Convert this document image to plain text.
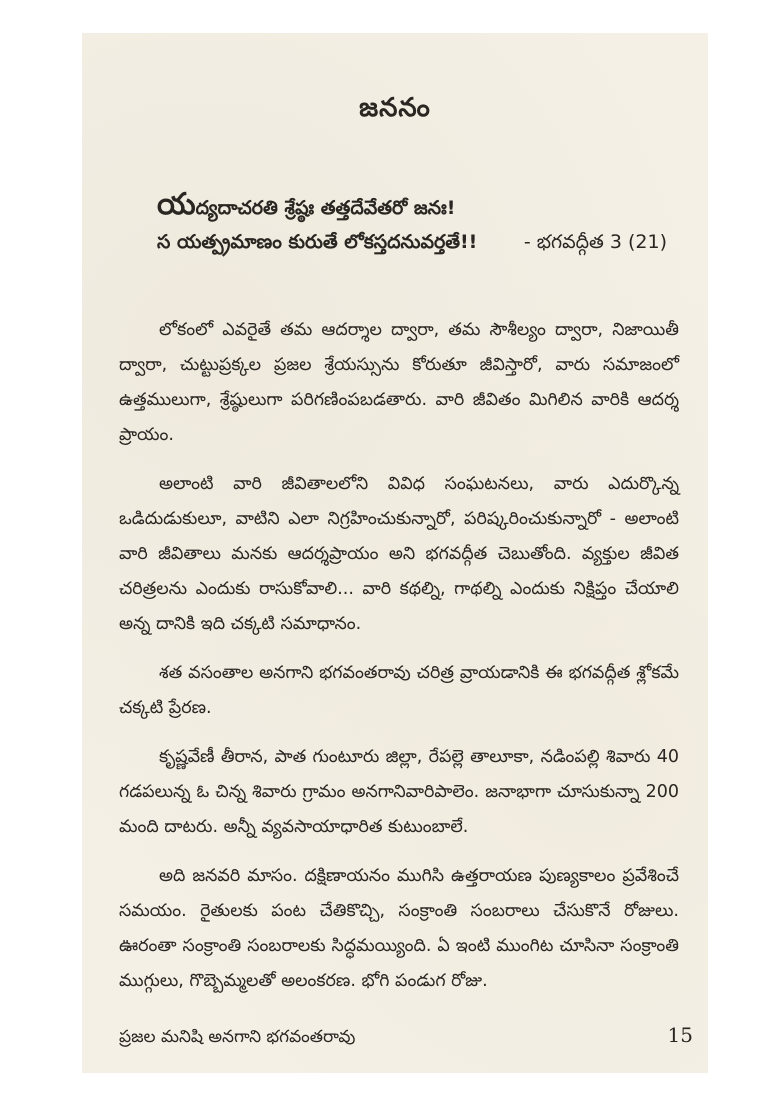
జననం
యద్యదాచరతి శ్రేష్ఠః తత్తదేవేతరో జనః!
స యత్ప్రమాణం కురుతే లోకస్తదనువర్తతే!! - భగవద్గీత 3 (21)

లోకంలో ఎవరైతే తమ ఆదర్శాల ద్వారా, తమ సౌశీల్యం ద్వారా, నిజాయితీ ద్వారా, చుట్టుప్రక్కల ప్రజల శ్రేయస్సును కోరుతూ జీవిస్తారో, వారు సమాజంలో ఉత్తములుగా, శ్రేష్ఠులుగా పరిగణింపబడతారు. వారి జీవితం మిగిలిన వారికి ఆదర్శ ప్రాయం.

అలాంటి వారి జీవితాలలోని వివిధ సంఘటనలు, వారు ఎదుర్కొన్న ఒడిదుడుకులూ, వాటిని ఎలా నిగ్రహించుకున్నారో, పరిష్కరించుకున్నారో - అలాంటి వారి జీవితాలు మనకు ఆదర్శప్రాయం అని భగవద్గీత చెబుతోంది. వ్యక్తుల జీవిత చరిత్రలను ఎందుకు రాసుకోవాలి... వారి కథల్ని, గాథల్ని ఎందుకు నిక్షిప్తం చేయాలి అన్న దానికి ఇది చక్కటి సమాధానం.

శత వసంతాల అనగాని భగవంతరావు చరిత్ర వ్రాయడానికి ఈ భగవద్గీత శ్లోకమే చక్కటి ప్రేరణ.

కృష్ణవేణీ తీరాన, పాత గుంటూరు జిల్లా, రేపల్లె తాలూకా, నడింపల్లి శివారు 40 గడపలున్న ఓ చిన్న శివారు గ్రామం అనగానివారిపాలెం. జనాభాగా చూసుకున్నా 200 మంది దాటరు. అన్నీ వ్యవసాయాధారిత కుటుంబాలే.

అది జనవరి మాసం. దక్షిణాయనం ముగిసి ఉత్తరాయణ పుణ్యకాలం ప్రవేశించే సమయం. రైతులకు పంట చేతికొచ్చి, సంక్రాంతి సంబరాలు చేసుకొనే రోజులు. ఊరంతా సంక్రాంతి సంబరాలకు సిద్ధమయ్యింది. ఏ ఇంటి ముంగిట చూసినా సంక్రాంతి ముగ్గులు, గొబ్బెమ్మలతో అలంకరణ. భోగి పండుగ రోజు.

ప్రజల మనిషి అనగాని భగవంతరావు	15
